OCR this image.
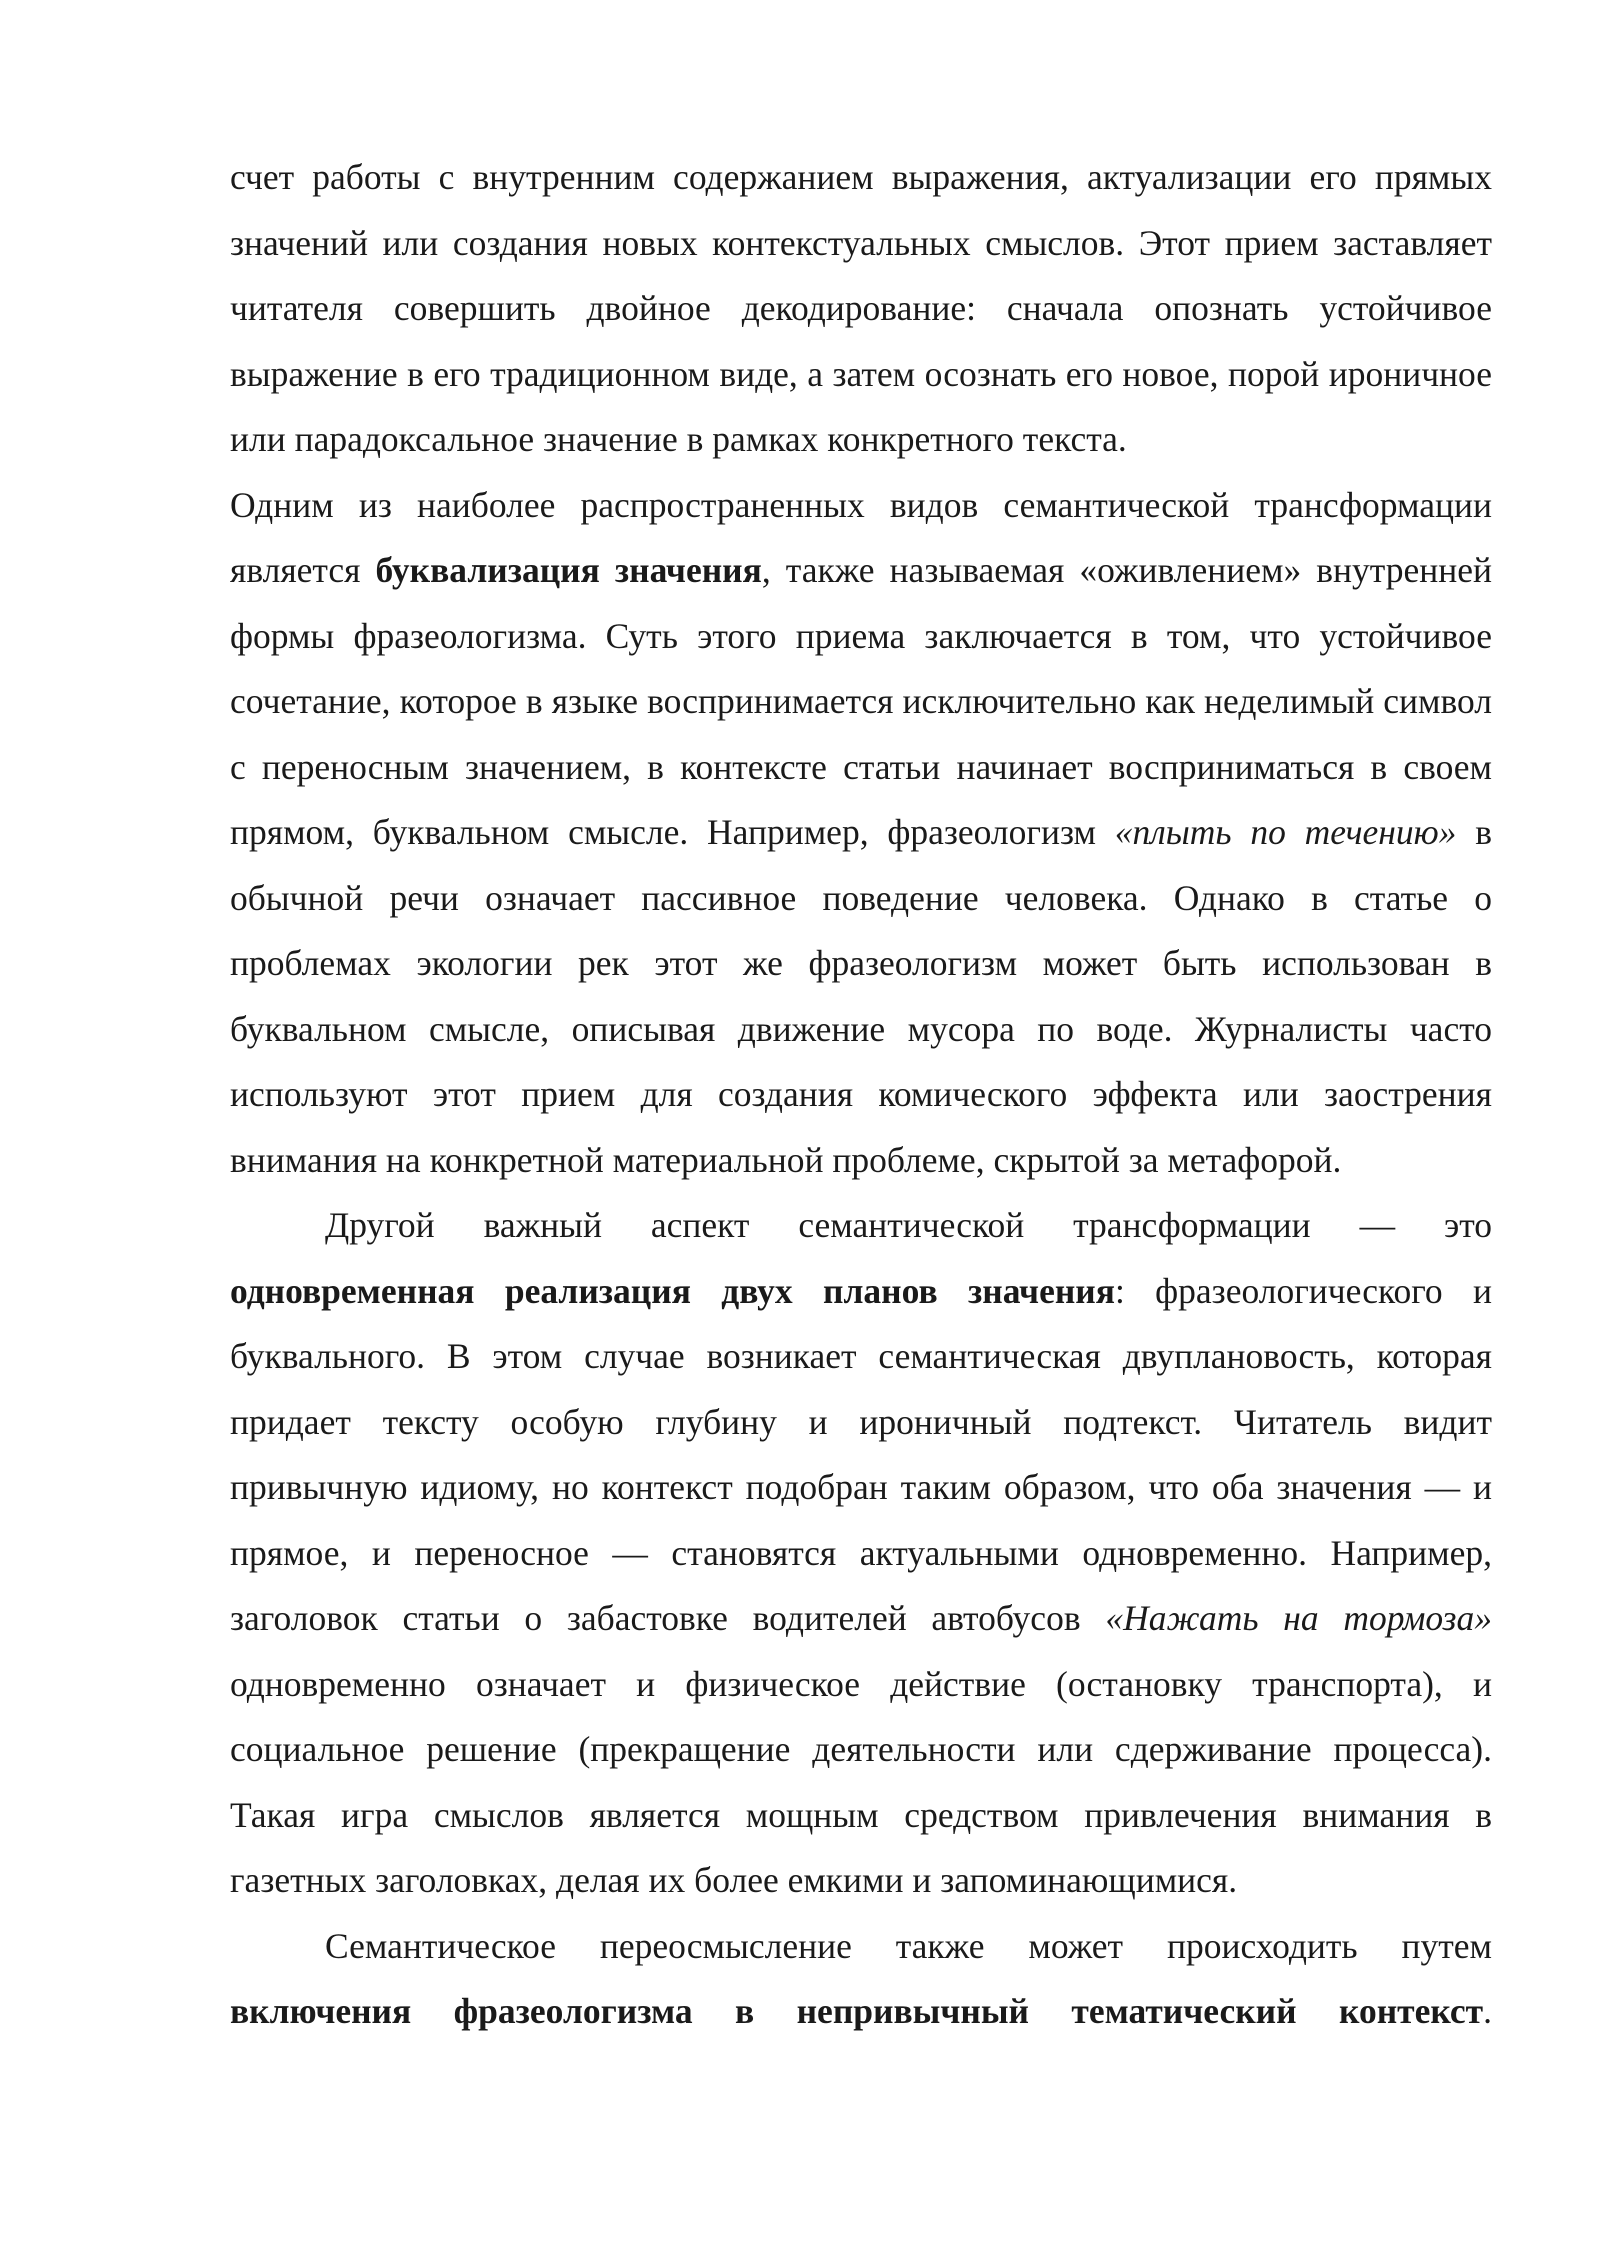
счет работы с внутренним содержанием выражения, актуализации его прямых значений или создания новых контекстуальных смыслов. Этот прием заставляет читателя совершить двойное декодирование: сначала опознать устойчивое выражение в его традиционном виде, а затем осознать его новое, порой ироничное или парадоксальное значение в рамках конкретного текста.

Одним из наиболее распространенных видов семантической трансформации является буквализация значения, также называемая «оживлением» внутренней формы фразеологизма. Суть этого приема заключается в том, что устойчивое сочетание, которое в языке воспринимается исключительно как неделимый символ с переносным значением, в контексте статьи начинает восприниматься в своем прямом, буквальном смысле. Например, фразеологизм «плыть по течению» в обычной речи означает пассивное поведение человека. Однако в статье о проблемах экологии рек этот же фразеологизм может быть использован в буквальном смысле, описывая движение мусора по воде. Журналисты часто используют этот прием для создания комического эффекта или заострения внимания на конкретной материальной проблеме, скрытой за метафорой.

Другой важный аспект семантической трансформации — это одновременная реализация двух планов значения: фразеологического и буквального. В этом случае возникает семантическая двуплановость, которая придает тексту особую глубину и ироничный подтекст. Читатель видит привычную идиому, но контекст подобран таким образом, что оба значения — и прямое, и переносное — становятся актуальными одновременно. Например, заголовок статьи о забастовке водителей автобусов «Нажать на тормоза» одновременно означает и физическое действие (остановку транспорта), и социальное решение (прекращение деятельности или сдерживание процесса). Такая игра смыслов является мощным средством привлечения внимания в газетных заголовках, делая их более емкими и запоминающимися.

Семантическое переосмысление также может происходить путем включения фразеологизма в непривычный тематический контекст.
